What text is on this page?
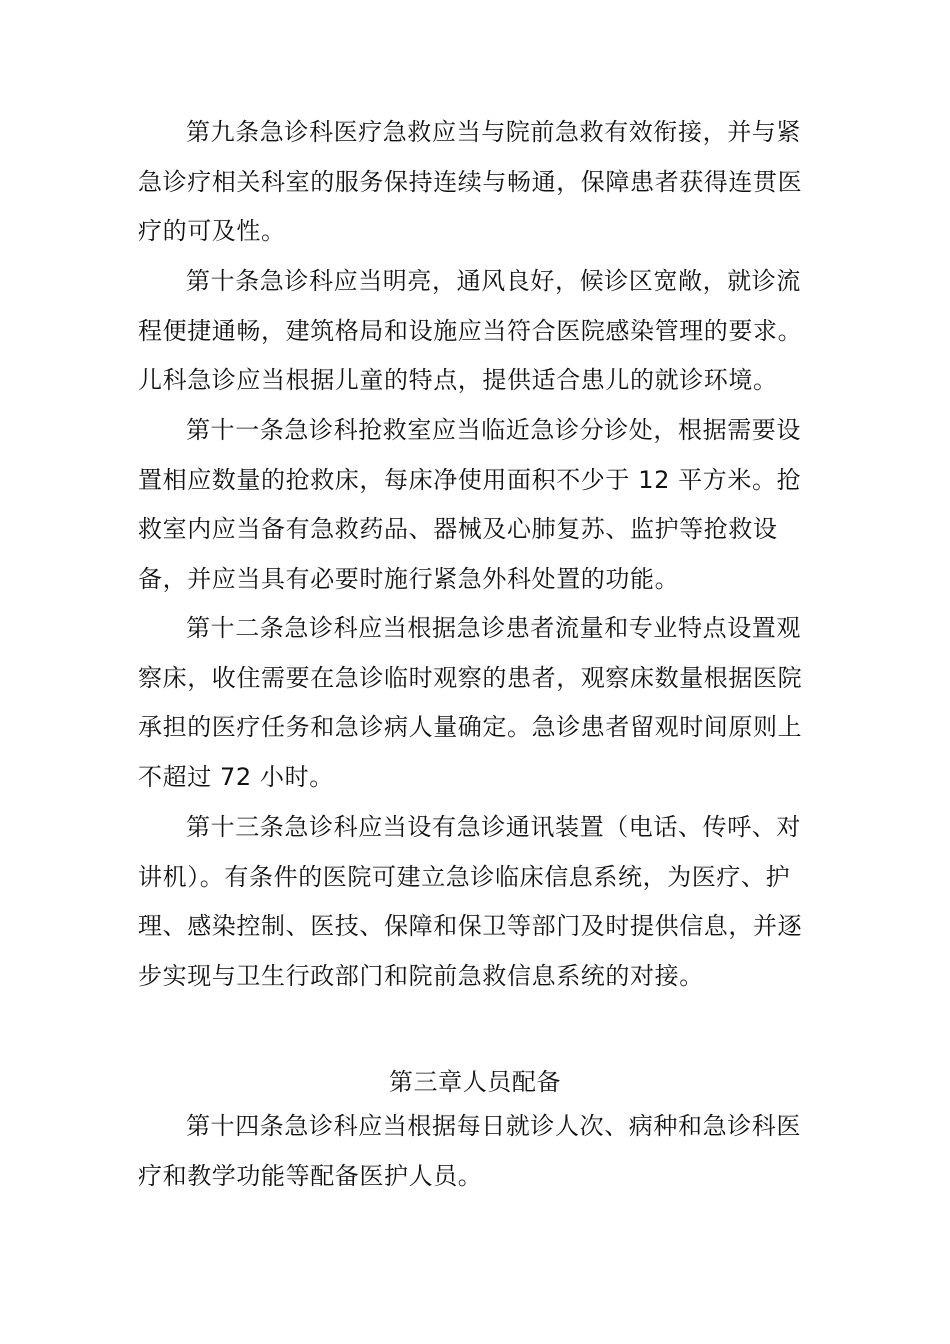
第九条急诊科医疗急救应当与院前急救有效衔接，并与紧急诊疗相关科室的服务保持连续与畅通，保障患者获得连贯医疗的可及性。

第十条急诊科应当明亮，通风良好，候诊区宽敞，就诊流程便捷通畅，建筑格局和设施应当符合医院感染管理的要求。儿科急诊应当根据儿童的特点，提供适合患儿的就诊环境。

第十一条急诊科抢救室应当临近急诊分诊处，根据需要设置相应数量的抢救床，每床净使用面积不少于 12 平方米。抢救室内应当备有急救药品、器械及心肺复苏、监护等抢救设备，并应当具有必要时施行紧急外科处置的功能。

第十二条急诊科应当根据急诊患者流量和专业特点设置观察床，收住需要在急诊临时观察的患者，观察床数量根据医院承担的医疗任务和急诊病人量确定。急诊患者留观时间原则上不超过 72 小时。

第十三条急诊科应当设有急诊通讯装置（电话、传呼、对讲机）。有条件的医院可建立急诊临床信息系统，为医疗、护理、感染控制、医技、保障和保卫等部门及时提供信息，并逐步实现与卫生行政部门和院前急救信息系统的对接。

第三章人员配备

第十四条急诊科应当根据每日就诊人次、病种和急诊科医疗和教学功能等配备医护人员。
